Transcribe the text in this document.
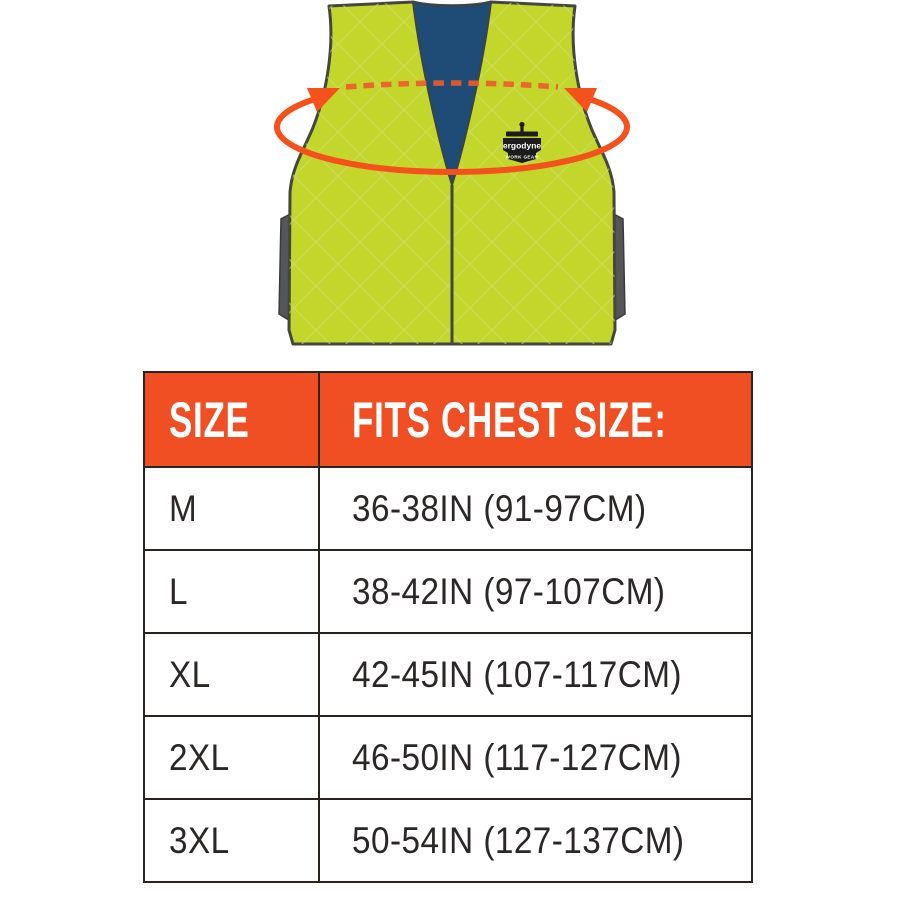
ergodyne
WORK GEAR
SIZE	FITS CHEST SIZE:
M	36-38IN (91-97CM)
L	38-42IN (97-107CM)
XL	42-45IN (107-117CM)
2XL	46-50IN (117-127CM)
3XL	50-54IN (127-137CM)
